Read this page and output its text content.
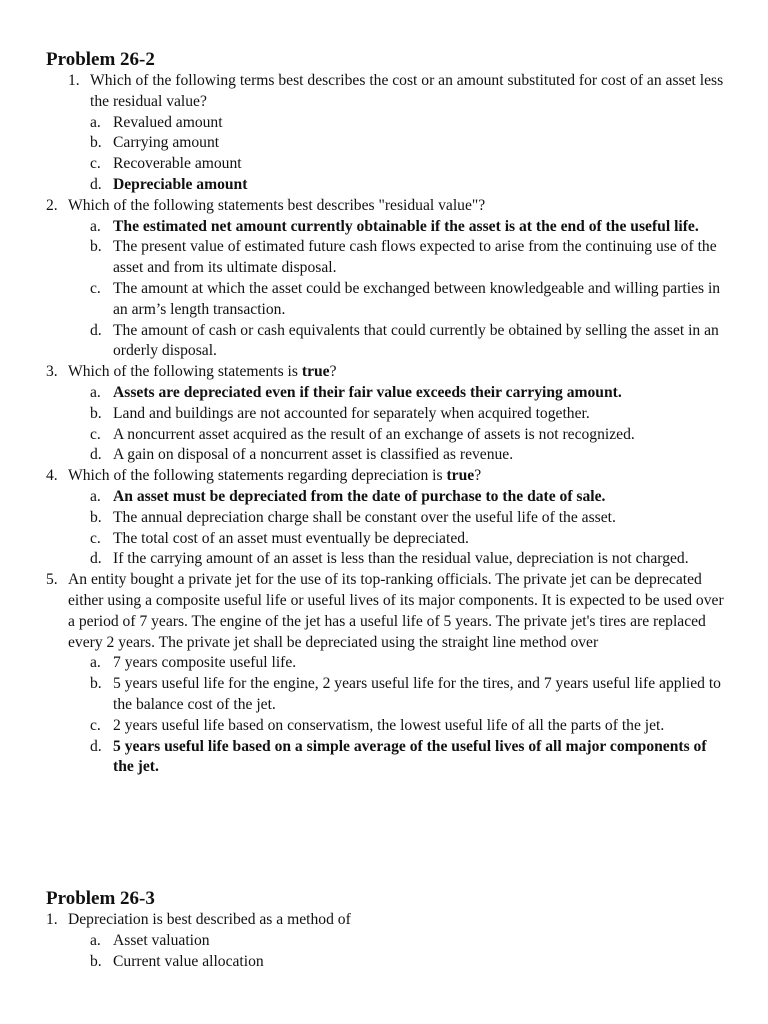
Problem 26-2
1. Which of the following terms best describes the cost or an amount substituted for cost of an asset less the residual value?
a. Revalued amount
b. Carrying amount
c. Recoverable amount
d. Depreciable amount
2. Which of the following statements best describes "residual value"?
a. The estimated net amount currently obtainable if the asset is at the end of the useful life.
b. The present value of estimated future cash flows expected to arise from the continuing use of the asset and from its ultimate disposal.
c. The amount at which the asset could be exchanged between knowledgeable and willing parties in an arm’s length transaction.
d. The amount of cash or cash equivalents that could currently be obtained by selling the asset in an orderly disposal.
3. Which of the following statements is true?
a. Assets are depreciated even if their fair value exceeds their carrying amount.
b. Land and buildings are not accounted for separately when acquired together.
c. A noncurrent asset acquired as the result of an exchange of assets is not recognized.
d. A gain on disposal of a noncurrent asset is classified as revenue.
4. Which of the following statements regarding depreciation is true?
a. An asset must be depreciated from the date of purchase to the date of sale.
b. The annual depreciation charge shall be constant over the useful life of the asset.
c. The total cost of an asset must eventually be depreciated.
d. If the carrying amount of an asset is less than the residual value, depreciation is not charged.
5. An entity bought a private jet for the use of its top-ranking officials. The private jet can be deprecated either using a composite useful life or useful lives of its major components. It is expected to be used over a period of 7 years. The engine of the jet has a useful life of 5 years. The private jet's tires are replaced every 2 years. The private jet shall be depreciated using the straight line method over
a. 7 years composite useful life.
b. 5 years useful life for the engine, 2 years useful life for the tires, and 7 years useful life applied to the balance cost of the jet.
c. 2 years useful life based on conservatism, the lowest useful life of all the parts of the jet.
d. 5 years useful life based on a simple average of the useful lives of all major components of the jet.
Problem 26-3
1. Depreciation is best described as a method of
a. Asset valuation
b. Current value allocation
